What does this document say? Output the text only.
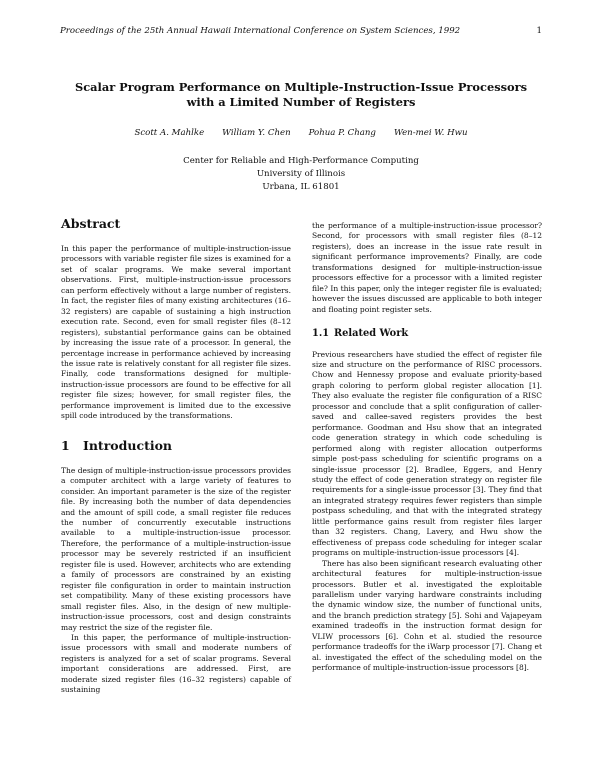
Proceedings of the 25th Annual Hawaii International Conference on System Sciences, 1992	1
Scalar Program Performance on Multiple-Instruction-Issue Processors
with a Limited Number of Registers
Scott A. Mahlke William Y. Chen Pohua P. Chang Wen-mei W. Hwu
Center for Reliable and High-Performance Computing
University of Illinois
Urbana, IL 61801
Abstract

In this paper the performance of multiple-instruction-issue processors with variable register file sizes is examined for a set of scalar programs. We make several important observations. First, multiple-instruction-issue processors can perform effectively without a large number of registers. In fact, the register files of many existing architectures (16–32 registers) are capable of sustaining a high instruction execution rate. Second, even for small register files (8–12 registers), substantial performance gains can be obtained by increasing the issue rate of a processor. In general, the percentage increase in performance achieved by increasing the issue rate is relatively constant for all register file sizes. Finally, code transformations designed for multiple-instruction-issue processors are found to be effective for all register file sizes; however, for small register files, the performance improvement is limited due to the excessive spill code introduced by the transformations.

1 Introduction

The design of multiple-instruction-issue processors provides a computer architect with a large variety of features to consider. An important parameter is the size of the register file. By increasing both the number of data dependencies and the amount of spill code, a small register file reduces the number of concurrently executable instructions available to a multiple-instruction-issue processor. Therefore, the performance of a multiple-instruction-issue processor may be severely restricted if an insufficient register file is used. However, architects who are extending a family of processors are constrained by an existing register file configuration in order to maintain instruction set compatibility. Many of these existing processors have small register files. Also, in the design of new multiple-instruction-issue processors, cost and design constraints may restrict the size of the register file.

In this paper, the performance of multiple-instruction-issue processors with small and moderate numbers of registers is analyzed for a set of scalar programs. Several important considerations are addressed. First, are moderate sized register files (16–32 registers) capable of sustaining

the performance of a multiple-instruction-issue processor? Second, for processors with small register files (8–12 registers), does an increase in the issue rate result in significant performance improvements? Finally, are code transformations designed for multiple-instruction-issue processors effective for a processor with a limited register file? In this paper, only the integer register file is evaluated; however the issues discussed are applicable to both integer and floating point register sets.

1.1 Related Work

Previous researchers have studied the effect of register file size and structure on the performance of RISC processors. Chow and Hennessy propose and evaluate priority-based graph coloring to perform global register allocation [1]. They also evaluate the register file configuration of a RISC processor and conclude that a split configuration of caller-saved and callee-saved registers provides the best performance. Goodman and Hsu show that an integrated code generation strategy in which code scheduling is performed along with register allocation outperforms simple post-pass scheduling for scientific programs on a single-issue processor [2]. Bradlee, Eggers, and Henry study the effect of code generation strategy on register file requirements for a single-issue processor [3]. They find that an integrated strategy requires fewer registers than simple postpass scheduling, and that with the integrated strategy little performance gains result from register files larger than 32 registers. Chang, Lavery, and Hwu show the effectiveness of prepass code scheduling for integer scalar programs on multiple-instruction-issue processors [4].

There has also been significant research evaluating other architectural features for multiple-instruction-issue processors. Butler et al. investigated the exploitable parallelism under varying hardware constraints including the dynamic window size, the number of functional units, and the branch prediction strategy [5]. Sohi and Vajapeyam examined tradeoffs in the instruction format design for VLIW processors [6]. Cohn et al. studied the resource performance tradeoffs for the iWarp processor [7]. Chang et al. investigated the effect of the scheduling model on the performance of multiple-instruction-issue processors [8].
